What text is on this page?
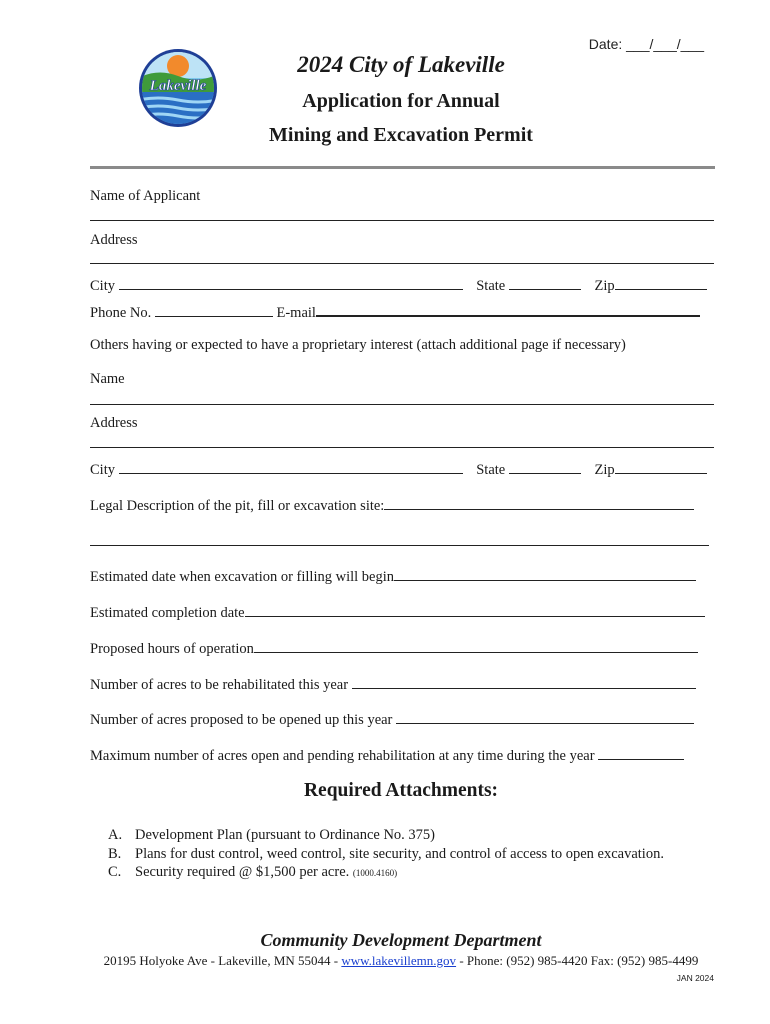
Lakeville
Date: ___/___/___
2024 City of Lakeville
Application for Annual
Mining and Excavation Permit
Name of Applicant
Address
City	State	Zip
Phone No.	E-mail
Others having or expected to have a proprietary interest (attach additional page if necessary)
Name
Address
City	State	Zip
Legal Description of the pit, fill or excavation site:
Estimated date when excavation or filling will begin
Estimated completion date
Proposed hours of operation
Number of acres to be rehabilitated this year
Number of acres proposed to be opened up this year
Maximum number of acres open and pending rehabilitation at any time during the year
Required Attachments:
A. Development Plan (pursuant to Ordinance No. 375)
B. Plans for dust control, weed control, site security, and control of access to open excavation.
C. Security required @ $1,500 per acre. (1000.4160)
Community Development Department
20195 Holyoke Ave - Lakeville, MN 55044 - www.lakevillemn.gov - Phone: (952) 985-4420 Fax: (952) 985-4499
JAN 2024
